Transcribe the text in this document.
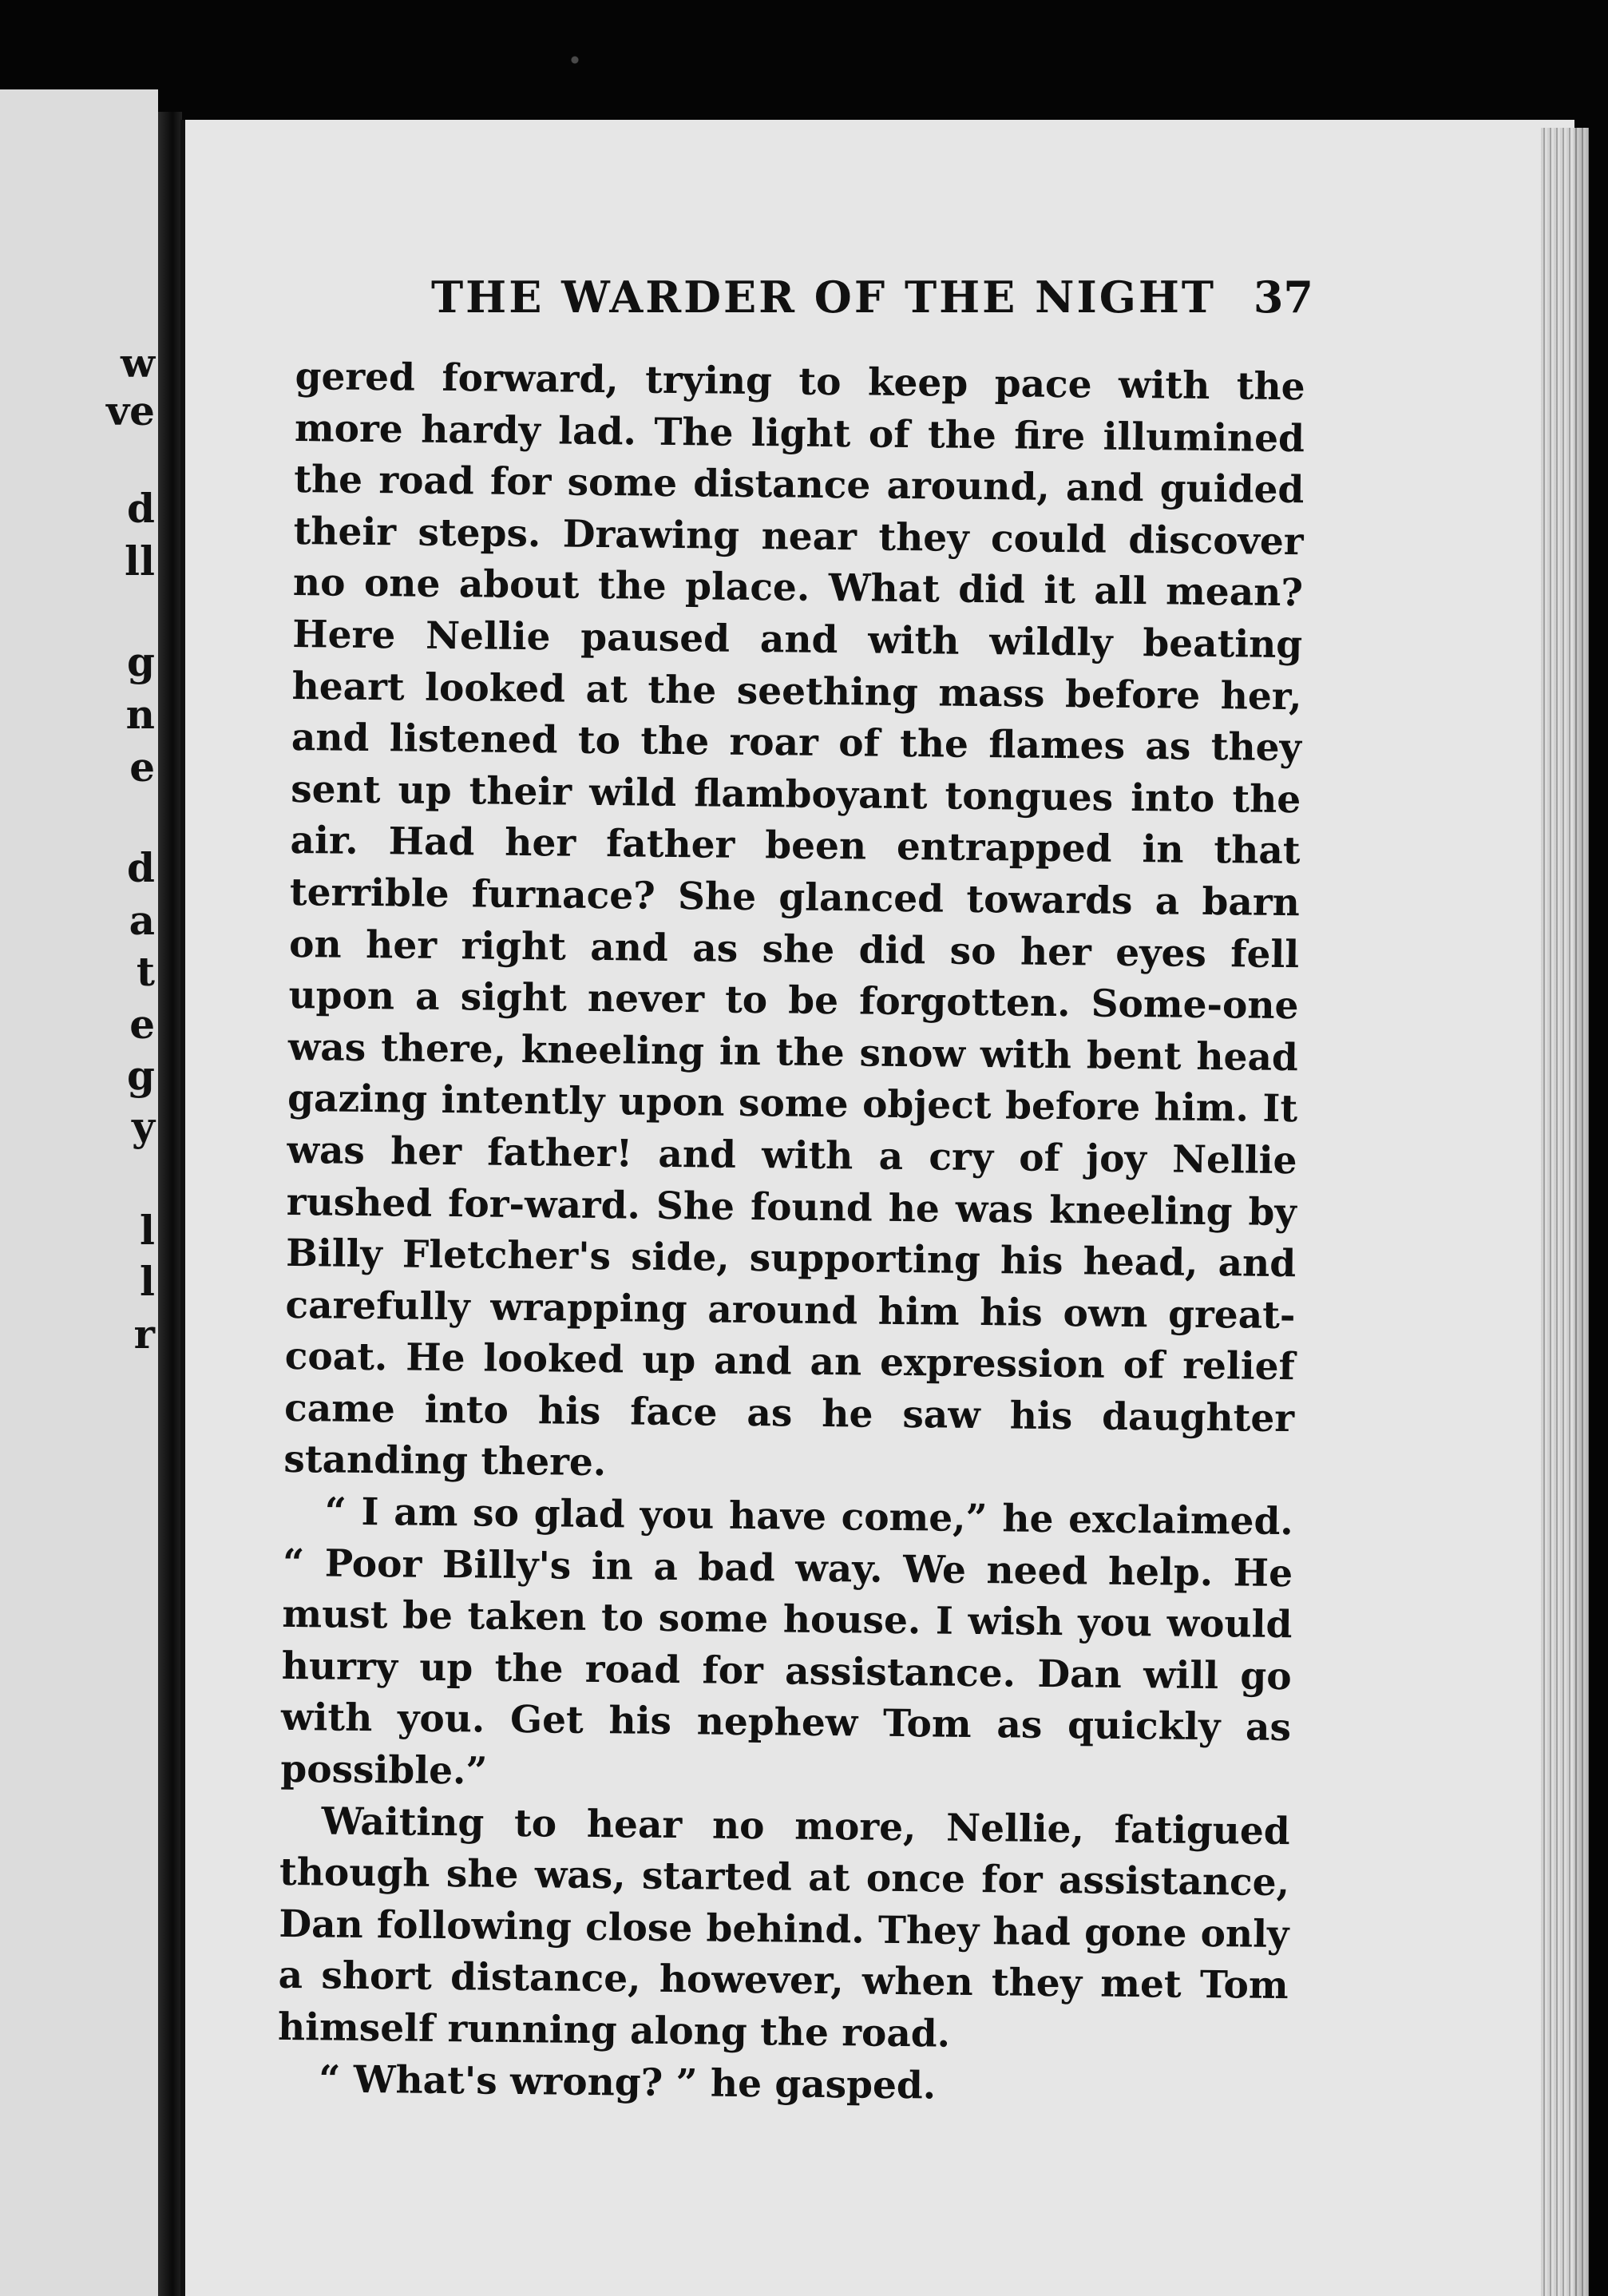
w
ve
d
ll
g
n
e
d
a
t
e
g
y
l
l
r
THE WARDER OF THE NIGHT 37

gered forward, trying to keep pace with the more hardy lad. The light of the fire illumined the road for some distance around, and guided their steps. Drawing near they could discover no one about the place. What did it all mean? Here Nellie paused and with wildly beating heart looked at the seething mass before her, and listened to the roar of the flames as they sent up their wild flamboyant tongues into the air. Had her father been entrapped in that terrible furnace? She glanced towards a barn on her right and as she did so her eyes fell upon a sight never to be forgotten. Some-one was there, kneeling in the snow with bent head gazing intently upon some object before him. It was her father! and with a cry of joy Nellie rushed for-ward. She found he was kneeling by Billy Fletcher's side, supporting his head, and carefully wrapping around him his own great-coat. He looked up and an expression of relief came into his face as he saw his daughter standing there.

“ I am so glad you have come,” he exclaimed. “ Poor Billy's in a bad way. We need help. He must be taken to some house. I wish you would hurry up the road for assistance. Dan will go with you. Get his nephew Tom as quickly as possible.”

Waiting to hear no more, Nellie, fatigued though she was, started at once for assistance, Dan following close behind. They had gone only a short distance, however, when they met Tom himself running along the road.

“ What's wrong? ” he gasped.
